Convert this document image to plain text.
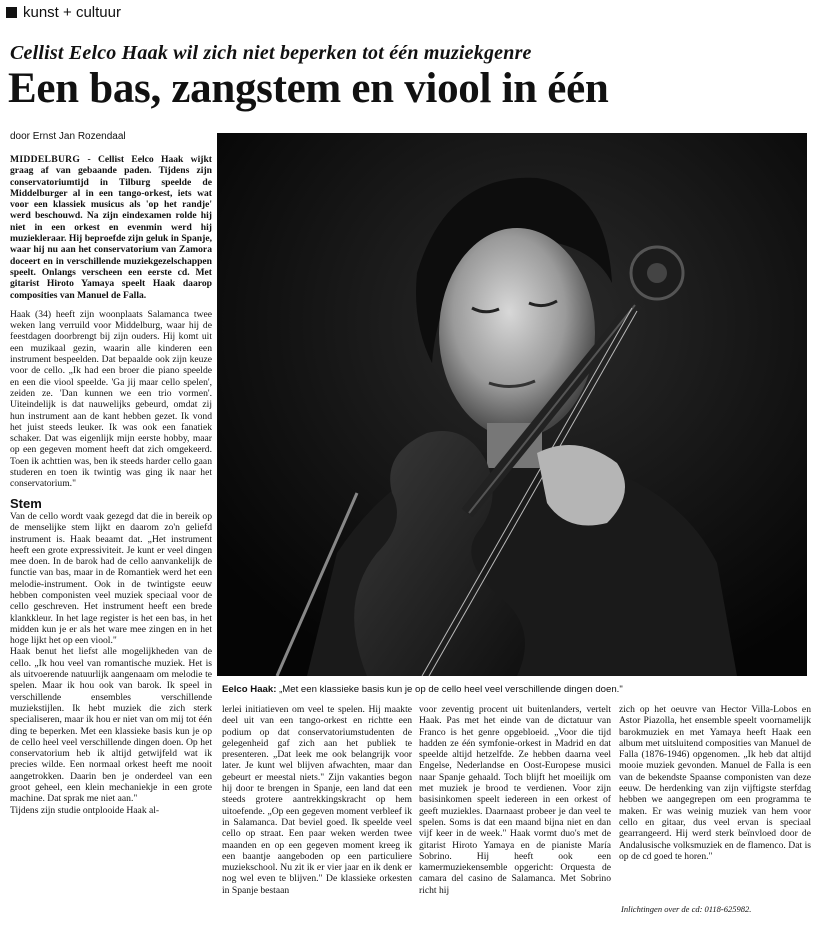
kunst + cultuur
Cellist Eelco Haak wil zich niet beperken tot één muziekgenre
Een bas, zangstem en viool in één
door Ernst Jan Rozendaal

MIDDELBURG - Cellist Eelco Haak wijkt graag af van gebaande paden. Tijdens zijn conservatoriumtijd in Tilburg speelde de Middelburger al in een tango-orkest, iets wat voor een klassiek musicus als 'op het randje' werd beschouwd. Na zijn eindexamen rolde hij niet in een orkest en evenmin werd hij muziekleraar. Hij beproefde zijn geluk in Spanje, waar hij nu aan het conservatorium van Zamora doceert en in verschillende muziekgezelschappen speelt. Onlangs verscheen een eerste cd. Met gitarist Hiroto Yamaya speelt Haak daarop composities van Manuel de Falla.

Haak (34) heeft zijn woonplaats Salamanca twee weken lang verruild voor Middelburg, waar hij de feestdagen doorbrengt bij zijn ouders. Hij komt uit een muzikaal gezin, waarin alle kinderen een instrument bespeelden. Dat bepaalde ook zijn keuze voor de cello. „Ik had een broer die piano speelde en een die viool speelde. 'Ga jij maar cello spelen', zeiden ze. 'Dan kunnen we een trio vormen'. Uiteindelijk is dat nauwelijks gebeurd, omdat zij hun instrument aan de kant hebben gezet. Ik vond het juist steeds leuker. Ik was ook een fanatiek schaker. Dat was eigenlijk mijn eerste hobby, maar op een gegeven moment heeft dat zich omgekeerd. Toen ik achttien was, ben ik steeds harder cello gaan studeren en toen ik twintig was ging ik naar het conservatorium."

Stem

Van de cello wordt vaak gezegd dat die in bereik op de menselijke stem lijkt en daarom zo'n geliefd instrument is. Haak beaamt dat. „Het instrument heeft een grote expressiviteit. Je kunt er veel dingen mee doen. In de barok had de cello aanvankelijk de functie van bas, maar in de Romantiek werd het een melodie-instrument. Ook in de twintigste eeuw hebben componisten veel muziek speciaal voor de cello geschreven. Het instrument heeft een brede klankkleur. In het lage register is het een bas, in het midden kun je er als het ware mee zingen en in het hoge lijkt het op een viool."

Haak benut het liefst alle mogelijkheden van de cello. „Ik hou veel van romantische muziek. Het is als uitvoerende natuurlijk aangenaam om melodie te spelen. Maar ik hou ook van barok. Ik speel in verschillende ensembles verschillende muziekstijlen. Ik hebt muziek die zich sterk specialiseren, maar ik hou er niet van om mij tot één ding te beperken. Met een klassieke basis kun je op de cello heel veel verschillende dingen doen. Op het conservatorium heb ik altijd getwijfeld wat ik precies wilde. Een normaal orkest heeft me nooit aangetrokken. Daarin ben je onderdeel van een groot geheel, een klein mechaniekje in een grote machine. Dat sprak me niet aan."

Tijdens zijn studie ontplooide Haak al-

Eelco Haak: „Met een klassieke basis kun je op de cello heel veel verschillende dingen doen."

lerlei initiatieven om veel te spelen. Hij maakte deel uit van een tango-orkest en richtte een podium op dat conservatoriumstudenten de gelegenheid gaf zich aan het publiek te presenteren. „Dat leek me ook belangrijk voor later. Je kunt wel blijven afwachten, maar dan gebeurt er meestal niets." Zijn vakanties begon hij door te brengen in Spanje, een land dat een steeds grotere aantrekkingskracht op hem uitoefende. „Op een gegeven moment verbleef ik in Salamanca. Dat beviel goed. Ik speelde veel cello op straat. Een paar weken werden twee maanden en op een gegeven moment kreeg ik een baantje aangeboden op een particuliere muziekschool. Nu zit ik er vier jaar en ik denk er nog wel even te blijven." De klassieke orkesten in Spanje bestaan

voor zeventig procent uit buitenlanders, vertelt Haak. Pas met het einde van de dictatuur van Franco is het genre opgebloeid. „Voor die tijd hadden ze één symfonie-orkest in Madrid en dat speelde altijd hetzelfde. Ze hebben daarna veel Engelse, Nederlandse en Oost-Europese musici naar Spanje gehaald. Toch blijft het moeilijk om met muziek je brood te verdienen. Voor zijn basisinkomen speelt iedereen in een orkest of geeft muziekles. Daarnaast probeer je dan veel te spelen. Soms is dat een maand bijna niet en dan vijf keer in de week." Haak vormt duo's met de gitarist Hiroto Yamaya en de pianiste María Sobrino. Hij heeft ook een kamermuziekensemble opgericht: Orquesta de camara del casino de Salamanca. Met Sobrino richt hij

zich op het oeuvre van Hector Villa-Lobos en Astor Piazolla, het ensemble speelt voornamelijk barokmuziek en met Yamaya heeft Haak een album met uitsluitend composities van Manuel de Falla (1876-1946) opgenomen. „Ik heb dat altijd mooie muziek gevonden. Manuel de Falla is een van de bekendste Spaanse componisten van deze eeuw. De herdenking van zijn vijftigste sterfdag hebben we aangegrepen om een programma te maken. Er was weinig muziek van hem voor cello en gitaar, dus veel ervan is speciaal gearrangeerd. Hij werd sterk beïnvloed door de Andalusische volksmuziek en de flamenco. Dat is op de cd goed te horen."

Inlichtingen over de cd: 0118-625982.
